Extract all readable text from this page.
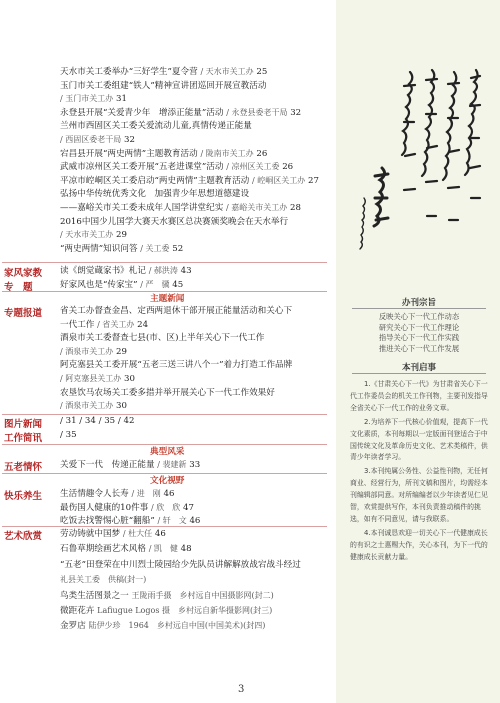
天水市关工委举办“三好学生”夏令营 / 天水市关工办 25
玉门市关工委组建“铁人”精神宣讲团巡回开展宣教活动
/ 玉门市关工办 31
永登县开展“关爱青少年　增添正能量”活动 / 永登县委老干局 32
兰州市西固区关工委关爱流动儿童,真情传递正能量
/ 西固区委老干局 32
宕昌县开展“两史两情”主题教育活动 / 陇南市关工办 26
武威市凉州区关工委开展“五老进课堂”活动 / 凉州区关工委 26
平凉市崆峒区关工委启动“两史两情”主题教育活动 / 崆峒区关工办 27
弘扬中华传统优秀文化　加强青少年思想道德建设
——嘉峪关市关工委未成年人国学讲堂纪实 / 嘉峪关市关工办 28
2016中国少儿国学大赛天水赛区总决赛颁奖晚会在天水举行
/ 天水市关工办 29
“两史两情”知识问答 / 关工委 52
家风家教
专　题
读《朗觉蔵家书》札记 / 郝洪涛 43
好家风也是“传家宝” / 严　骥 45
主题新闻
专题报道	省关工办督查金昌、定西两退休干部开展正能量活动和关心下
一代工作 / 省关工办 24
酒泉市关工委督查七县(市、区)上半年关心下一代工作
/ 酒泉市关工办 29
阿克塞县关工委开展“五老三送三讲八个一”着力打造工作品牌
/ 阿克塞县关工办 30
农垦饮马农场关工委多措并举开展关心下一代工作效果好
/ 酒泉市关工办 30
图片新闻	/ 31 / 34 / 35 / 42
工作简讯	/ 35
典型风采
五老情怀	关爱下一代　传递正能量 / 裴建新 33
文化视野
快乐养生	生活情趣令人长寿 / 进　刚 46
最伤国人健康的10件事 / 欣　欣 47
吃饭去找警惕心脏“翻船” / 轩　文 46
艺术欣赏	劳动铸就中国梦 / 杜大任 46
石鲁草期绘画艺术风格 / 凯　健 48
“五老”田登荣在中川烈士陵园给少先队员讲解解放战宕战斗经过
礼县关工委　供稿(封一)
鸟类生活图景之一 王陇雨手摄　乡村远自中国摄影网(封二)
微距花卉 Lafiugue Logos 摄　乡村远自新华摄影网(封三)
金罗店 陆伊少珍　1964　乡村远自中国(中国美术)(封四)
办刊宗旨
反映关心下一代工作动态
研究关心下一代工作理论
指导关心下一代工作实践
推进关心下一代工作发展
本刊启事

1.《甘肃关心下一代》为甘肃省关心下一代工作委员会的机关工作刊物，主要刊发指导全省关心下一代工作的业务文章。

2.为培养下一代核心价值观，提高下一代文化素质，本刊每期以一定版面刊登适合于中国传统文化及革命历史文化、艺术类稿件，供青少年读者学习。

3.本刊纯属公务性、公益性刊物，无任何商业、经营行为，所刊文稿和图片，均需经本刊编辑部同意。对所编编者以少年读者见仁见智，欢赏提供写作，本刊负责推动稿件的挑选，如有不同意见，请与我联系。

4.本刊诚恳欢迎一切关心下一代健康成长的有识之士惠赐大作，关心本刊，为下一代的健康成长贡献力量。

3
